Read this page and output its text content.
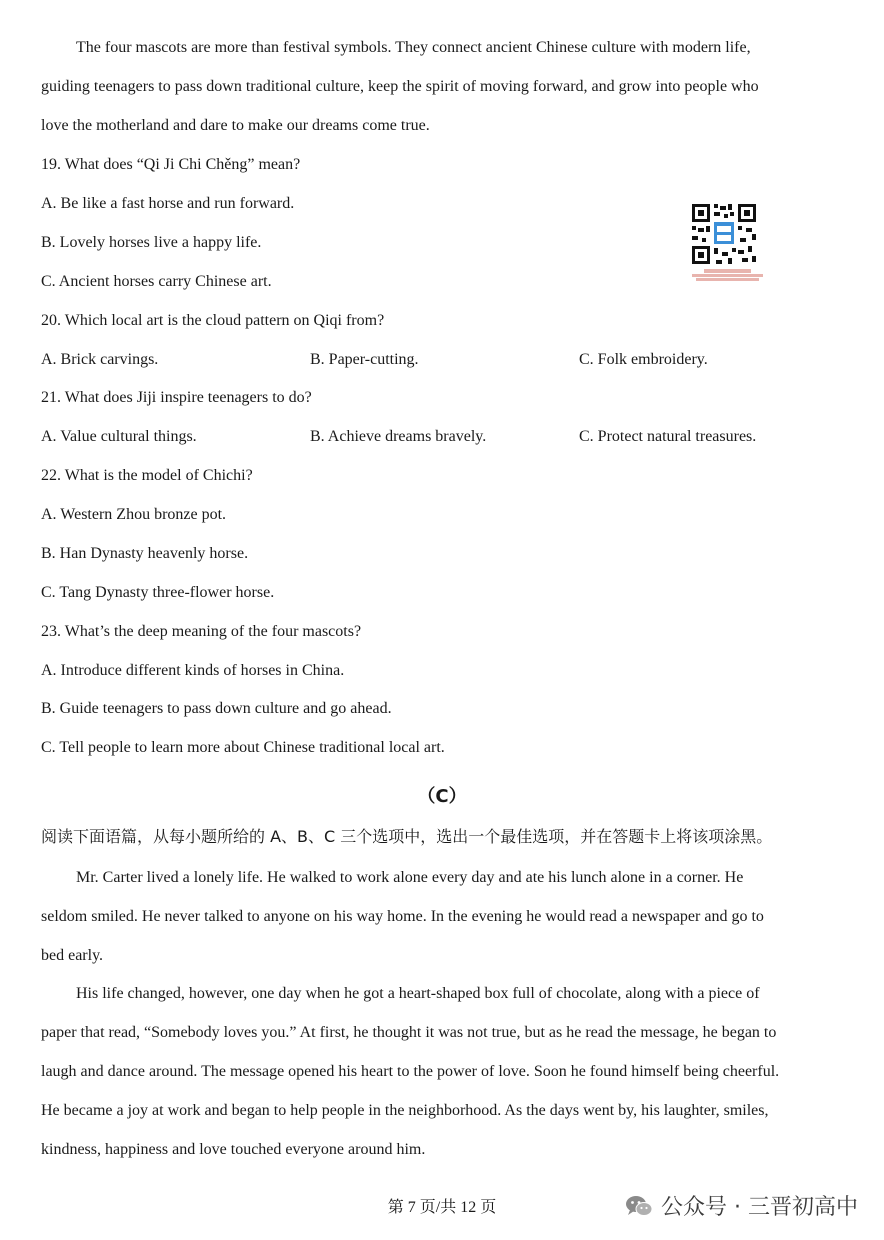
The four mascots are more than festival symbols. They connect ancient Chinese culture with modern life,
guiding teenagers to pass down traditional culture, keep the spirit of moving forward, and grow into people who
love the motherland and dare to make our dreams come true.
19. What does “Qi Ji Chi Chěng” mean?
A. Be like a fast horse and run forward.
B. Lovely horses live a happy life.
C. Ancient horses carry Chinese art.
20. Which local art is the cloud pattern on Qiqi from?
A. Brick carvings.	B. Paper-cutting.	C. Folk embroidery.
21. What does Jiji inspire teenagers to do?
A. Value cultural things.	B. Achieve dreams bravely.	C. Protect natural treasures.
22. What is the model of Chichi?
A. Western Zhou bronze pot.
B. Han Dynasty heavenly horse.
C. Tang Dynasty three-flower horse.
23. What’s the deep meaning of the four mascots?
A. Introduce different kinds of horses in China.
B. Guide teenagers to pass down culture and go ahead.
C. Tell people to learn more about Chinese traditional local art.
（C）
阅读下面语篇，从每小题所给的 A、B、C 三个选项中，选出一个最佳选项，并在答题卡上将该项涂黑。
Mr. Carter lived a lonely life. He walked to work alone every day and ate his lunch alone in a corner. He
seldom smiled. He never talked to anyone on his way home. In the evening he would read a newspaper and go to
bed early.
His life changed, however, one day when he got a heart-shaped box full of chocolate, along with a piece of
paper that read, “Somebody loves you.” At first, he thought it was not true, but as he read the message, he began to
laugh and dance around. The message opened his heart to the power of love. Soon he found himself being cheerful.
He became a joy at work and began to help people in the neighborhood. As the days went by, his laughter, smiles,
kindness, happiness and love touched everyone around him.
第 7 页/共 12 页	公众号 · 三晋初高中
